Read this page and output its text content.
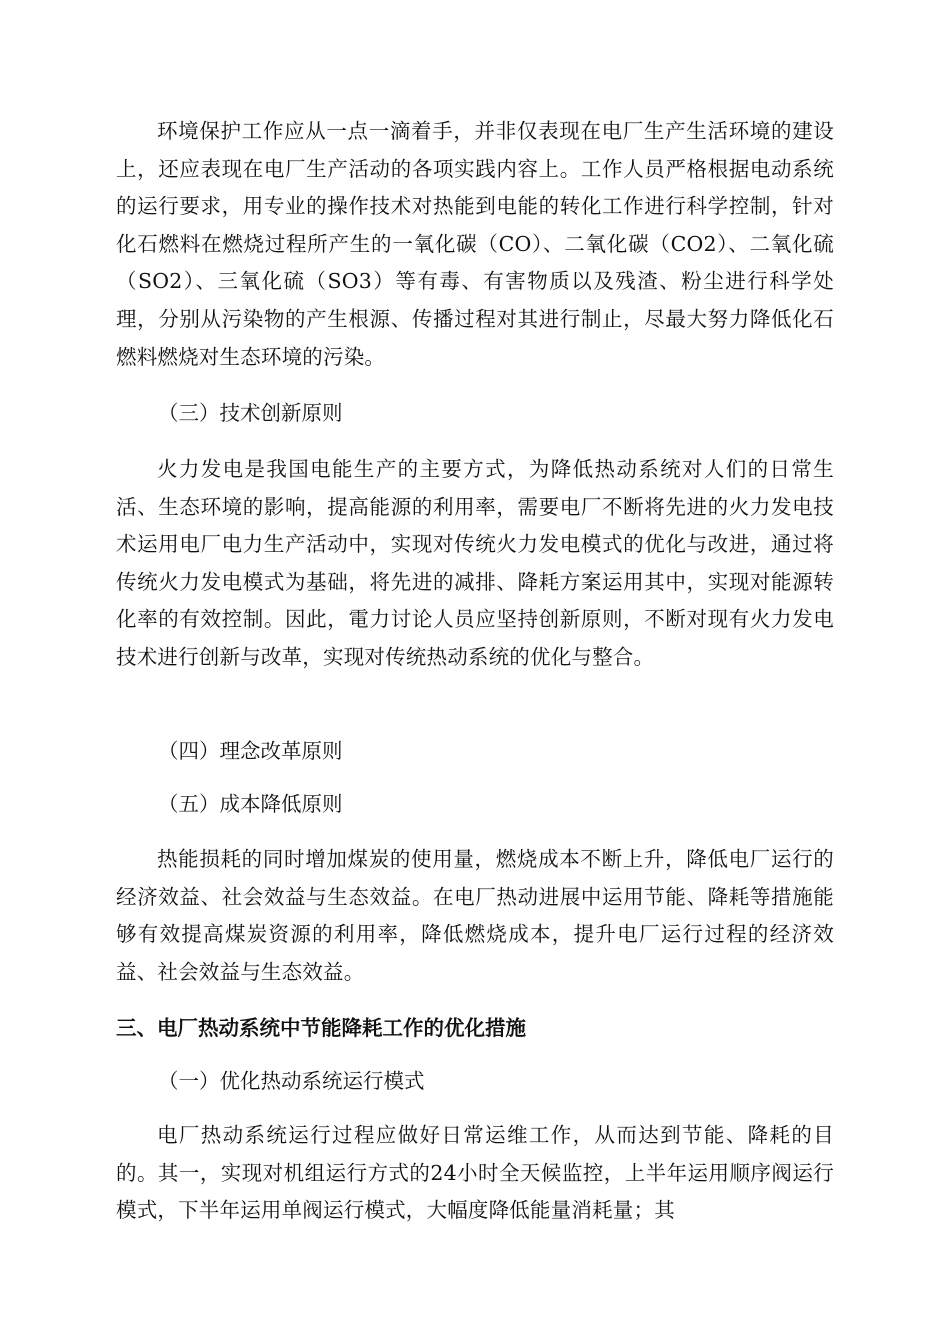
环境保护工作应从一点一滴着手，并非仅表现在电厂生产生活环境的建设上，还应表现在电厂生产活动的各项实践内容上。工作人员严格根据电动系统的运行要求，用专业的操作技术对热能到电能的转化工作进行科学控制，针对化石燃料在燃烧过程所产生的一氧化碳（CO）、二氧化碳（CO2）、二氧化硫（SO2）、三氧化硫（SO3）等有毒、有害物质以及残渣、粉尘进行科学处理，分别从污染物的产生根源、传播过程对其进行制止，尽最大努力降低化石燃料燃烧对生态环境的污染。

（三）技术创新原则

火力发电是我国电能生产的主要方式，为降低热动系统对人们的日常生活、生态环境的影响，提高能源的利用率，需要电厂不断将先进的火力发电技术运用电厂电力生产活动中，实现对传统火力发电模式的优化与改进，通过将传统火力发电模式为基础，将先进的减排、降耗方案运用其中，实现对能源转化率的有效控制。因此，電力讨论人员应坚持创新原则，不断对现有火力发电技术进行创新与改革，实现对传统热动系统的优化与整合。

（四）理念改革原则

（五）成本降低原则

热能损耗的同时增加煤炭的使用量，燃烧成本不断上升，降低电厂运行的经济效益、社会效益与生态效益。在电厂热动进展中运用节能、降耗等措施能够有效提高煤炭资源的利用率，降低燃烧成本，提升电厂运行过程的经济效益、社会效益与生态效益。

三、电厂热动系统中节能降耗工作的优化措施

（一）优化热动系统运行模式

电厂热动系统运行过程应做好日常运维工作，从而达到节能、降耗的目的。其一，实现对机组运行方式的24小时全天候监控，上半年运用顺序阀运行模式，下半年运用单阀运行模式，大幅度降低能量消耗量；其
